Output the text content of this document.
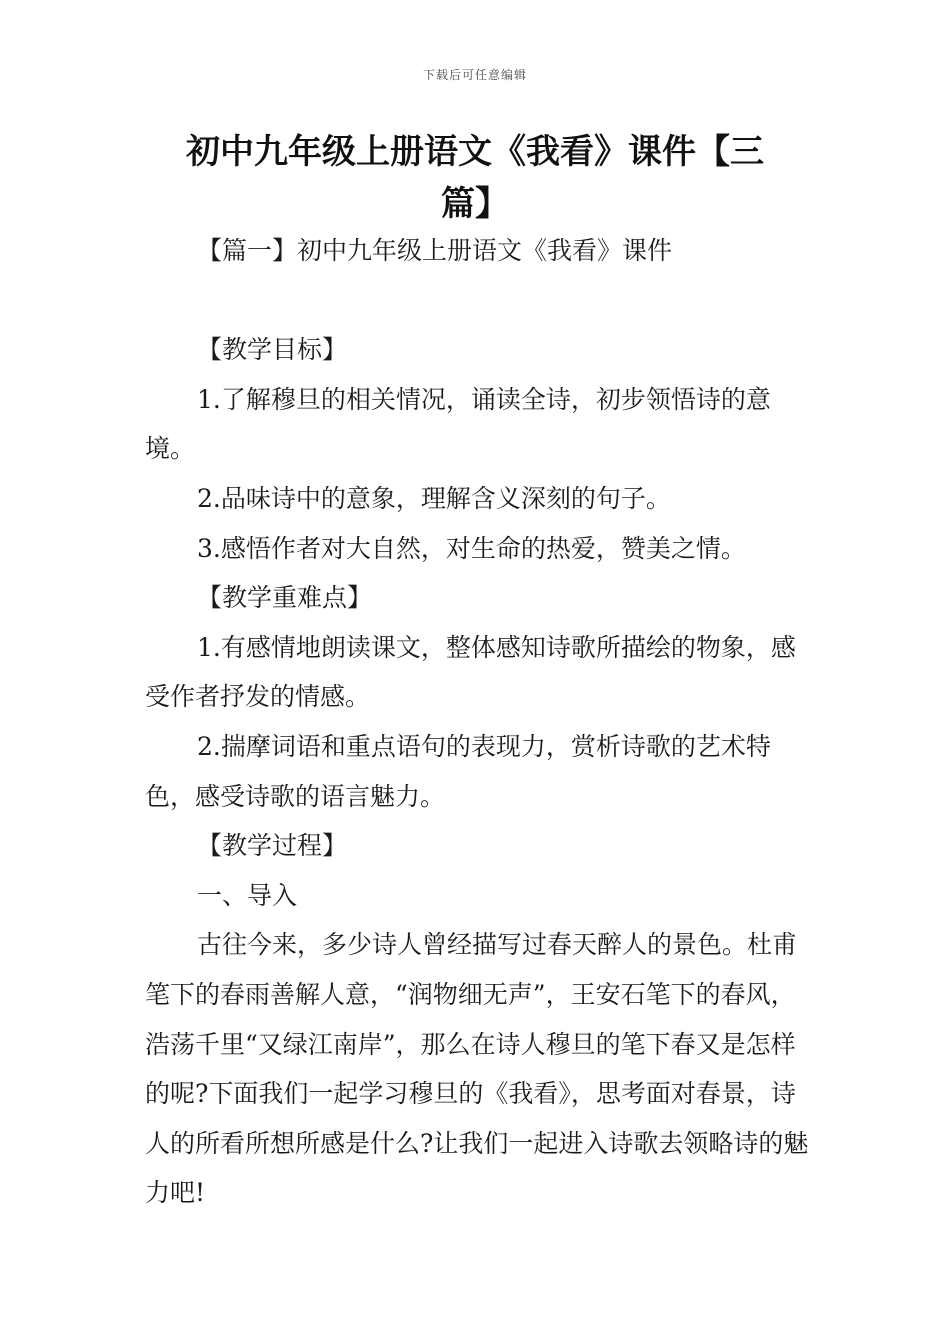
下载后可任意编辑
初中九年级上册语文《我看》课件【三篇】

【篇一】初中九年级上册语文《我看》课件

【教学目标】

1.了解穆旦的相关情况，诵读全诗，初步领悟诗的意境。

2.品味诗中的意象，理解含义深刻的句子。

3.感悟作者对大自然，对生命的热爱，赞美之情。

【教学重难点】

1.有感情地朗读课文，整体感知诗歌所描绘的物象，感受作者抒发的情感。

2.揣摩词语和重点语句的表现力，赏析诗歌的艺术特色，感受诗歌的语言魅力。

【教学过程】

一、导入

古往今来，多少诗人曾经描写过春天醉人的景色。杜甫笔下的春雨善解人意，“润物细无声”，王安石笔下的春风，浩荡千里“又绿江南岸”，那么在诗人穆旦的笔下春又是怎样的呢?下面我们一起学习穆旦的《我看》，思考面对春景，诗人的所看所想所感是什么?让我们一起进入诗歌去领略诗的魅力吧!
